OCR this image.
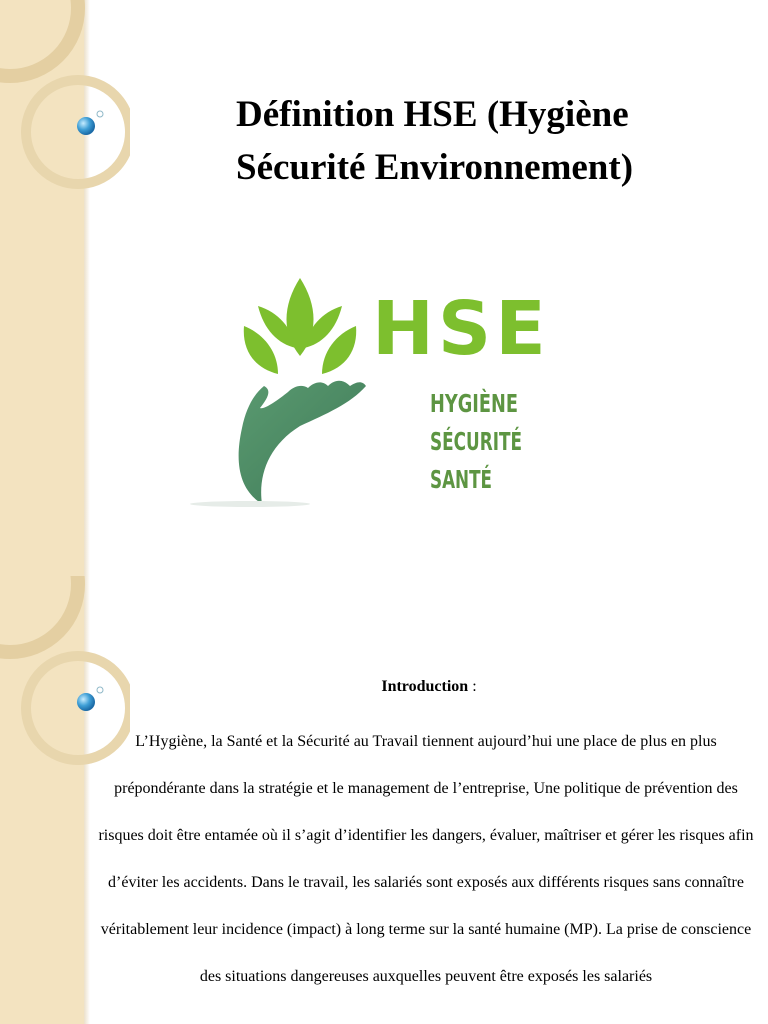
Définition HSE (Hygiène Sécurité Environnement)
HSE
HYGIÈNE
SÉCURITÉ
SANTÉ
Introduction :

L’Hygiène, la Santé et la Sécurité au Travail tiennent aujourd’hui une place de plus en plus prépondérante dans la stratégie et le management de l’entreprise, Une politique de prévention des risques doit être entamée où il s’agit d’identifier les dangers, évaluer, maîtriser et gérer les risques afin d’éviter les accidents. Dans le travail, les salariés sont exposés aux différents risques sans connaître véritablement leur incidence (impact) à long terme sur la santé humaine (MP). La prise de conscience des situations dangereuses auxquelles peuvent être exposés les salariés
